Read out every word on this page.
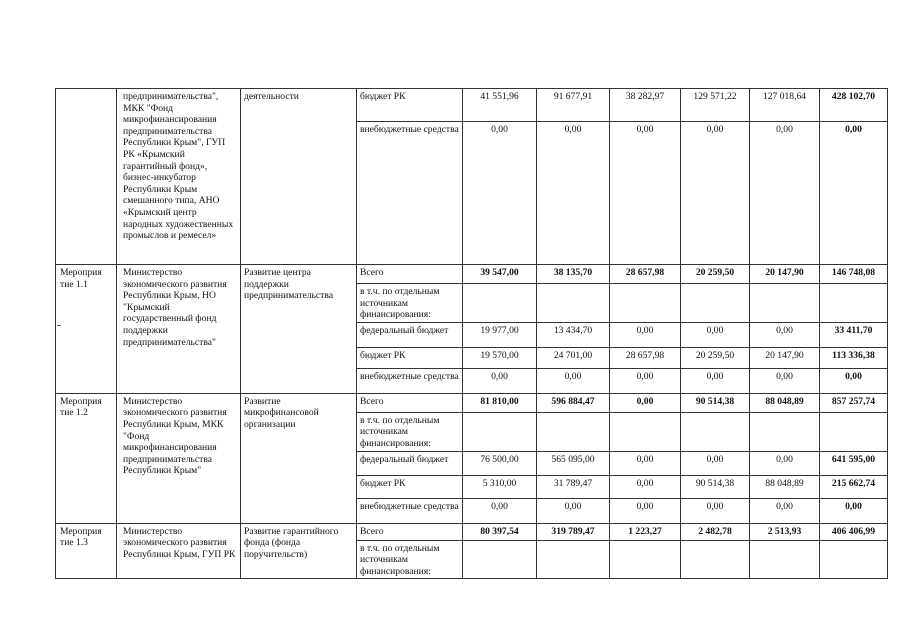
	предпринимательства", МКК "Фонд микрофинансирования предпринимательства Республики Крым", ГУП РК «Крымский гарантийный фонд», бизнес-инкубатор Республики Крым смешанного типа, АНО «Крымский центр народных художественных промыслов и ремесел»	деятельности	бюджет РК	41 551,96	91 677,91	38 282,97	129 571,22	127 018,64	428 102,70
			внебюджетные средства	0,00	0,00	0,00	0,00	0,00	0,00
Мероприя тие 1.1	Министерство экономического развития Республики Крым, НО "Крымский государственный фонд поддержки предпринимательства"	Развитие центра поддержки предпринимательства	Всего	39 547,00	38 135,70	28 657,98	20 259,50	20 147,90	146 748,08
			в т.ч. по отдельным источникам финансирования:						
			федеральный бюджет	19 977,00	13 434,70	0,00	0,00	0,00	33 411,70
			бюджет РК	19 570,00	24 701,00	28 657,98	20 259,50	20 147,90	113 336,38
			внебюджетные средства	0,00	0,00	0,00	0,00	0,00	0,00
Мероприя тие 1.2	Министерство экономического развития Республики Крым, МКК "Фонд микрофинансирования предпринимательства Республики Крым"	Развитие микрофинансовой организации	Всего	81 810,00	596 884,47	0,00	90 514,38	88 048,89	857 257,74
			в т.ч. по отдельным источникам финансирования:						
			федеральный бюджет	76 500,00	565 095,00	0,00	0,00	0,00	641 595,00
			бюджет РК	5 310,00	31 789,47	0,00	90 514,38	88 048,89	215 662,74
			внебюджетные средства	0,00	0,00	0,00	0,00	0,00	0,00
Мероприя тие 1.3	Министерство экономического развития Республики Крым, ГУП РК	Развитие гарантийного фонда (фонда поручительств)	Всего	80 397,54	319 789,47	1 223,27	2 482,78	2 513,93	406 406,99
			в т.ч. по отдельным источникам финансирования:						
